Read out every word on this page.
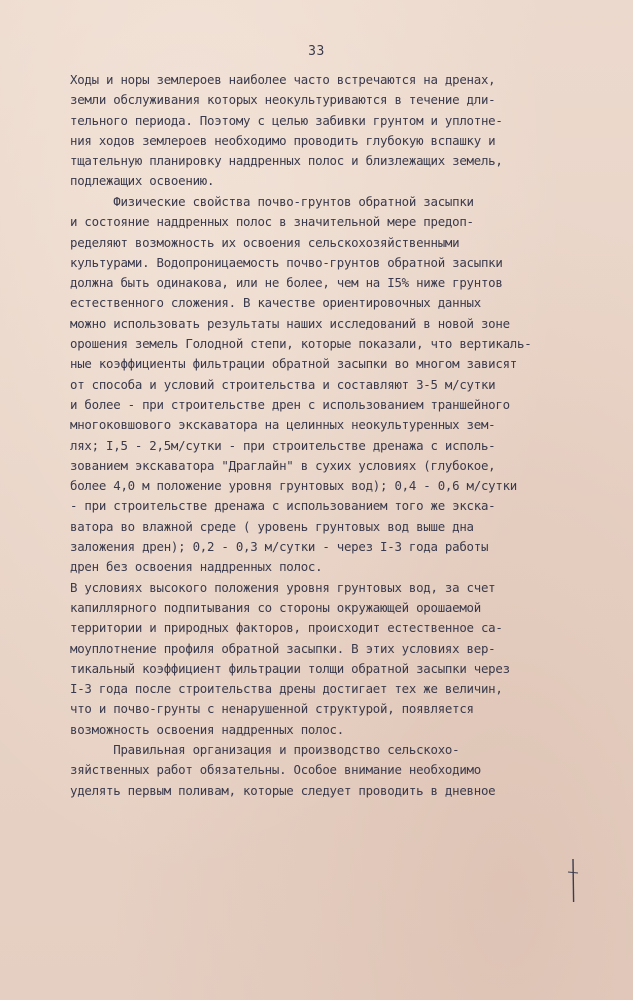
33
Ходы и норы землероев наиболее часто встречаются на дренах,
земли обслуживания которых неокультуриваются в течение дли-
тельного периода. Поэтому с целью забивки грунтом и уплотне-
ния ходов землероев необходимо проводить глубокую вспашку и
тщательную планировку наддренных полос и близлежащих земель,
подлежащих освоению.
Физические свойства почво-грунтов обратной засыпки
и состояние наддренных полос в значительной мере предоп-
ределяют возможность их освоения сельскохозяйственными
культурами. Водопроницаемость почво-грунтов обратной засыпки
должна быть одинакова, или не более, чем на I5% ниже грунтов
естественного сложения. В качестве ориентировочных данных
можно использовать результаты наших исследований в новой зоне
орошения земель Голодной степи, которые показали, что вертикаль-
ные коэффициенты фильтрации обратной засыпки во многом зависят
от способа и условий строительства и составляют 3-5 м/сутки
и более - при строительстве дрен с использованием траншейного
многоковшового экскаватора на целинных неокультуренных зем-
лях; I,5 - 2,5м/сутки - при строительстве дренажа с исполь-
зованием экскаватора "Драглайн" в сухих условиях (глубокое,
более 4,0 м положение уровня грунтовых вод); 0,4 - 0,6 м/сутки
- при строительстве дренажа с использованием того же экска-
ватора во влажной среде ( уровень грунтовых вод выше дна
заложения дрен); 0,2 - 0,3 м/сутки - через I-3 года работы
дрен без освоения наддренных полос.
В условиях высокого положения уровня грунтовых вод, за счет
капиллярного подпитывания со стороны окружающей орошаемой
территории и природных факторов, происходит естественное са-
моуплотнение профиля обратной засыпки. В этих условиях вер-
тикальный коэффициент фильтрации толщи обратной засыпки через
I-3 года после строительства дрены достигает тех же величин,
что и почво-грунты с ненарушенной структурой, появляется
возможность освоения наддренных полос.
Правильная организация и производство сельскохо-
зяйственных работ обязательны. Особое внимание необходимо
уделять первым поливам, которые следует проводить в дневное
